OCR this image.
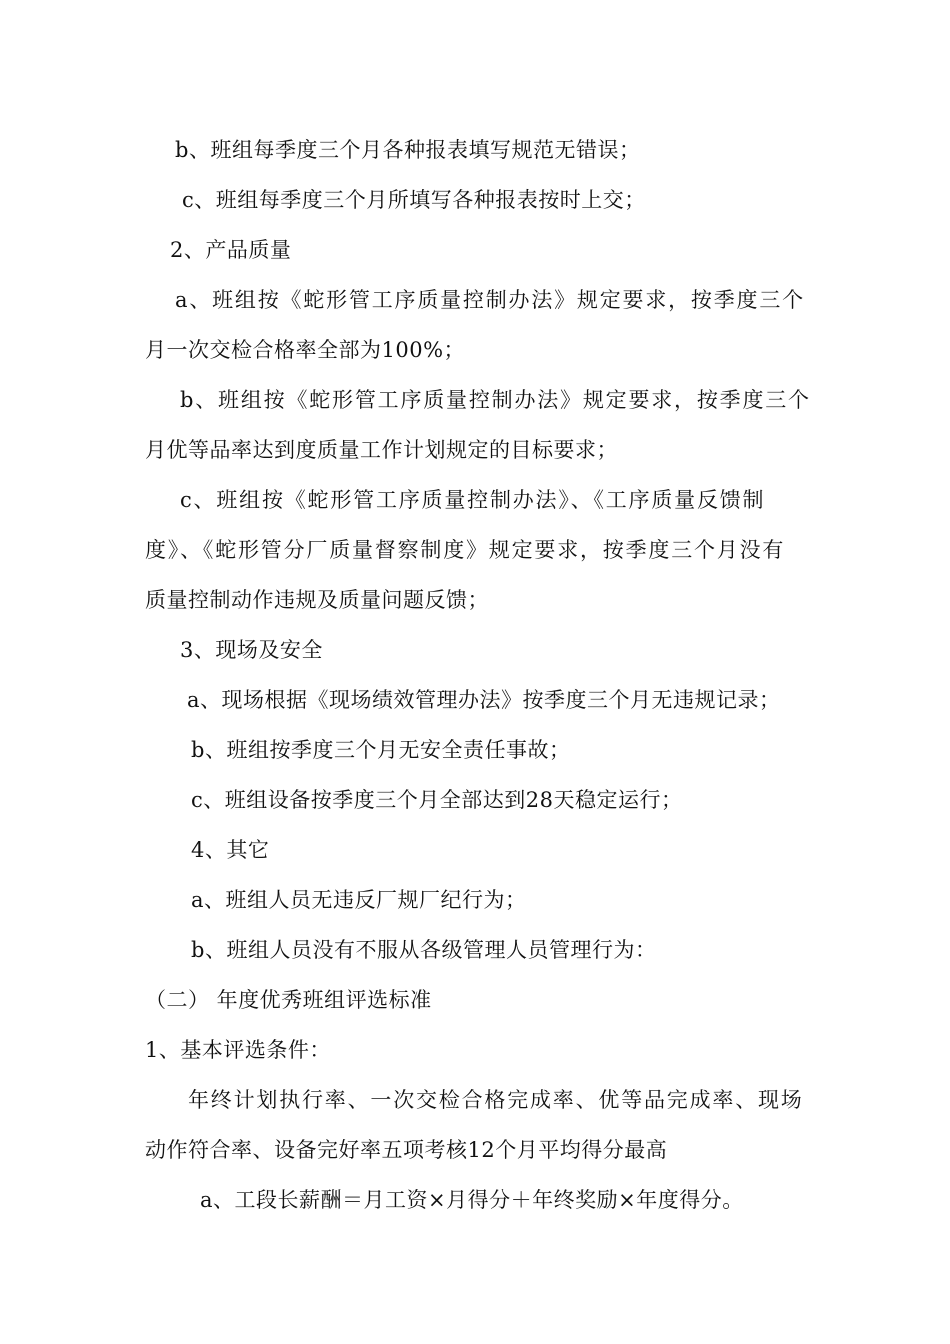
b、班组每季度三个月各种报表填写规范无错误；
c、班组每季度三个月所填写各种报表按时上交；
2、产品质量
a、班组按《蛇形管工序质量控制办法》规定要求，按季度三个
月一次交检合格率全部为100%；
b、班组按《蛇形管工序质量控制办法》规定要求，按季度三个
月优等品率达到度质量工作计划规定的目标要求；
c、班组按《蛇形管工序质量控制办法》、《工序质量反馈制
度》、《蛇形管分厂质量督察制度》规定要求，按季度三个月没有
质量控制动作违规及质量问题反馈；
3、现场及安全
a、现场根据《现场绩效管理办法》按季度三个月无违规记录；
b、班组按季度三个月无安全责任事故；
c、班组设备按季度三个月全部达到28天稳定运行；
4、其它
a、班组人员无违反厂规厂纪行为；
b、班组人员没有不服从各级管理人员管理行为：
（二） 年度优秀班组评选标准
1、基本评选条件：
年终计划执行率、一次交检合格完成率、优等品完成率、现场
动作符合率、设备完好率五项考核12个月平均得分最高
a、工段长薪酬＝月工资×月得分＋年终奖励×年度得分。
